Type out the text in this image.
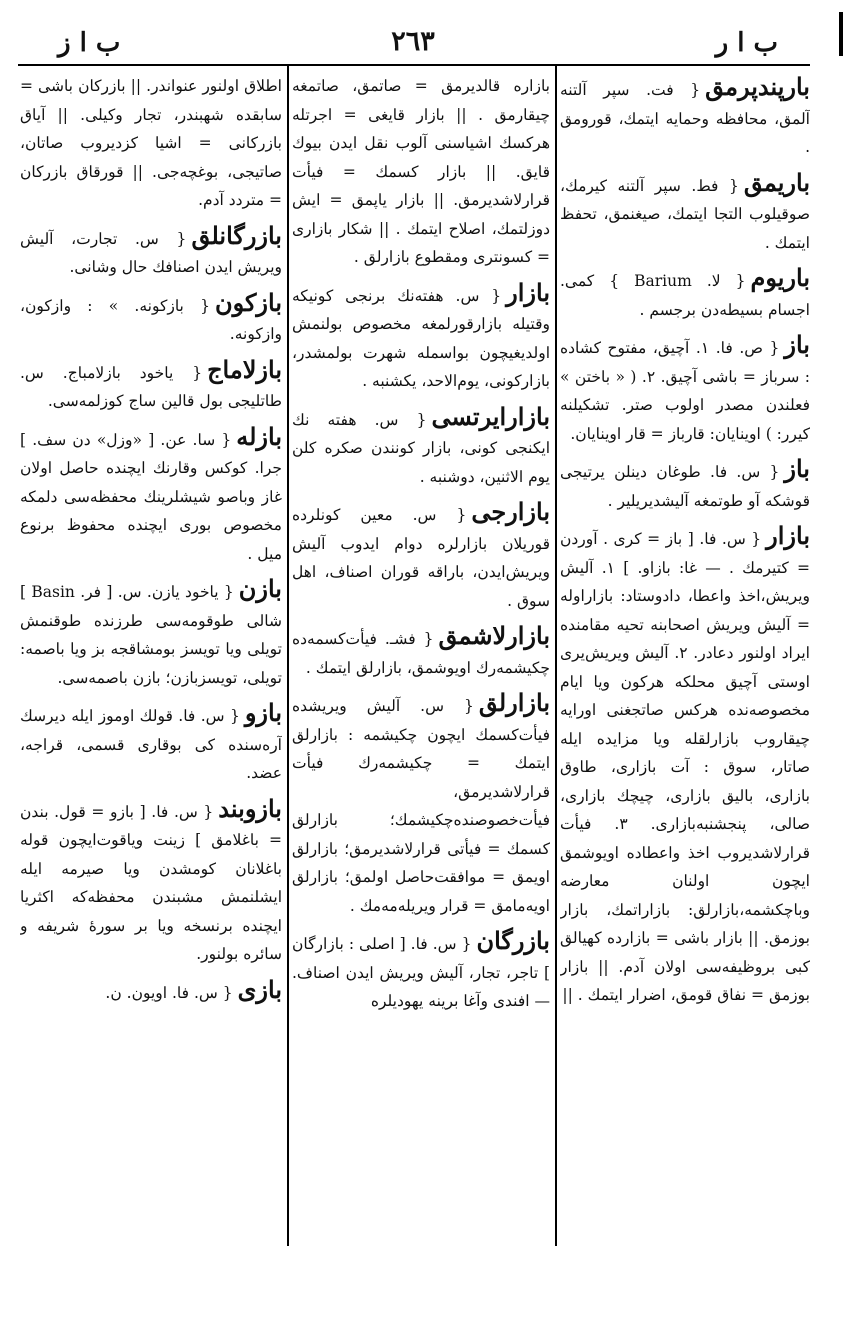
ب ا ر
٢٦٣
ب ا ز
بارپندپرمق{ فت. سپر آلتنه آلمق، محافظه وحمایه ایتمك، قورومق .
باریمق{ فط. سپر آلتنه کیرمك، صوقیلوب التجا ایتمك، صیغنمق، تحفظ ایتمك .
باریوم{ لا. Barium } کمی. اجسام بسیطه‌دن برجسم .
باز{ ص. فا. ۱. آچیق، مفتوح کشاده : سرباز = باشی آچیق. ۲. ( « باختن » فعلندن مصدر اولوب صتر. تشکیلنه کیرر: ) اوینایان: قارباز = قار اوینایان.
باز{ س. فا. طوغان دینلن یرتیجی قوشکه آو طوتمغه آلیشدیریلیر .
بازار{ س. فا. [ باز = کری . آوردن = کتیرمك . — غا: بازاو. ] ۱. آلیش ویریش،اخذ واعطا، دادوستاد: بازاراوله = آلیش ویریش اصحابنه تحیه مقامنده ایراد اولنور دعادر. ۲. آلیش ویریش‌یری اوستی آچیق محلکه هرکون ویا ایام مخصوصه‌نده هرکس صاتجغنی اورایه چیقاروب بازارلقله ویا مزایده ایله صاتار، سوق : آت بازاری، طاوق بازاری، بالیق بازاری، چیچك بازاری، صالی، پنجشنبه‌بازاری. ۳. فیأت قرارلاشدیروب اخذ واعطاده اویوشمق ایچون اولنان معارضه وباچکشمه،بازارلق: بازاراتمك، بازار بوزمق. || بازار باشی = بازارده کهیالق کبی بروظیفه‌سی اولان آدم. || بازار بوزمق = نفاق قومق، اضرار ایتمك . ||
بازاره قالدیرمق = صاتمق، صاتمغه چیقارمق . || بازار قایغی = اجرتله هرکسك اشیاسنی آلوب نقل ایدن بیوك قایق. || بازار کسمك = فیأت قرارلاشدیرمق. || بازار یاپمق = ایش دوزلتمك، اصلاح ایتمك . || شکار بازاری = کسونتری ومقطوع بازارلق .
بازار{ س. هفته‌نك برنجی کونیکه وقتیله بازارقورلمغه مخصوص بولنمش اولدیغیچون بواسمله شهرت بولمشدر، بازارکونی، یوم‌الاحد، یکشنبه .
بازارایرتسی{ س. هفته نك ایکنجی کونی، بازار کونندن صکره کلن یوم الاثنین، دوشنبه .
بازارجی{ س. معین کونلرده قوریلان بازارلره دوام ایدوب آلیش ویریش‌ایدن، باراقه قوران اصناف، اهل سوق .
بازارلاشمق{ فشـ. فیأت‌کسمه‌ده چکیشمه‌رك اویوشمق، بازارلق ایتمك .
بازارلق{ س. آلیش ویریشده فیأت‌کسمك ایچون چکیشمه : بازارلق ایتمك = چکیشمه‌رك فیأت قرارلاشدیرمق، فیأت‌خصوصنده‌چکیشمك؛ بازارلق کسمك = فیأتی قرارلاشدیرمق؛ بازارلق اویمق = موافقت‌حاصل اولمق؛ بازارلق اویه‌مامق = قرار ویریله‌مه‌مك .
بازرگان{ س. فا. [ اصلی : بازارگان ] تاجر، تجار، آلیش ویریش ایدن اصناف. — افندی وآغا برینه یهودیلره
اطلاق اولنور عنواندر. || بازرکان باشی = سابقده شهبندر، تجار وکیلی. || آیاق بازرکانی = اشیا کزدیروب صاتان، صاتیجی، بوغچه‌جی. || قورقاق بازرکان = متردد آدم.
بازرگانلق{ س. تجارت، آلیش ویریش ایدن اصنافك حال وشانی.
بازکون{ بازکونه. » : وازکون، وازکونه.
بازلاماج{ یاخود بازلامباج. س. طاتلیجی بول قالین ساج کوزلمه‌سی.
بازله{ سا. عن. [ «وزل» دن سف. ] جرا. کوکس وقارنك ایچنده حاصل اولان غاز وباصو شیشلرینك محفظه‌سی دلمکه مخصوص بوری ایچنده محفوظ برنوع میل .
بازن{ یاخود یازن. س. [ فر. Basin ] شالی طوقومه‌سی طرزنده طوقنمش تویلی ویا تویسز بومشاقجه بز ویا باصمه: تویلی، تویسزبازن؛ بازن باصمه‌سی.
بازو{ س. فا. قولك اوموز ایله دیرسك آره‌سنده کی بوقاری قسمی، قراجه، عضد.
بازوبند{ س. فا. [ بازو = قول. بندن = باغلامق ] زینت وياقوت‌ایچون قوله باغلانان کومشدن ویا صیرمه ایله ایشلنمش مشبندن محفظه‌که اکثریا ایچنده برنسخه ویا بر سورۀ شریفه و سائره بولنور.
بازی{ س. فا. اویون. ن.
